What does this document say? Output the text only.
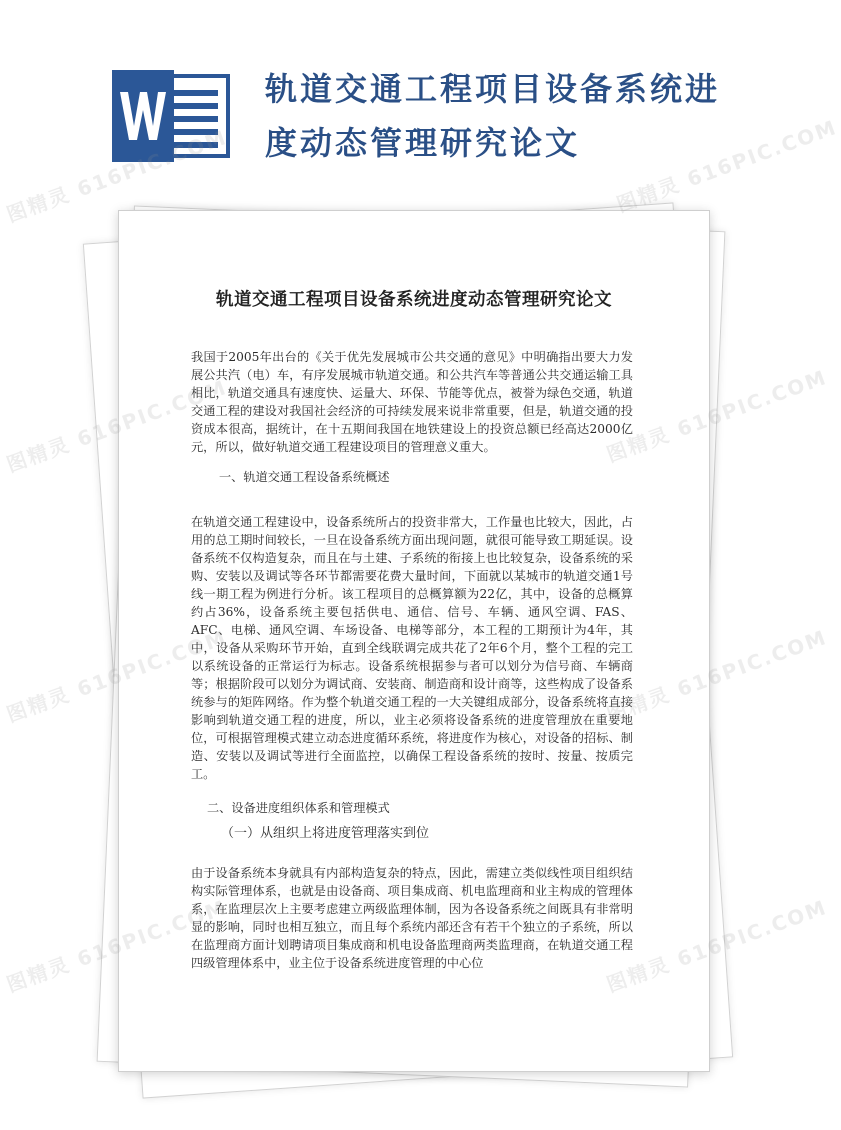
轨道交通工程项目设备系统进度动态管理研究论文
轨道交通工程项目设备系统进度动态管理研究论文

我国于2005年出台的《关于优先发展城市公共交通的意见》中明确指出要大力发展公共汽（电）车，有序发展城市轨道交通。和公共汽车等普通公共交通运输工具相比，轨道交通具有速度快、运量大、环保、节能等优点，被誉为绿色交通，轨道交通工程的建设对我国社会经济的可持续发展来说非常重要，但是，轨道交通的投资成本很高，据统计，在十五期间我国在地铁建设上的投资总额已经高达2000亿元，所以，做好轨道交通工程建设项目的管理意义重大。

一、轨道交通工程设备系统概述

在轨道交通工程建设中，设备系统所占的投资非常大，工作量也比较大，因此，占用的总工期时间较长，一旦在设备系统方面出现问题，就很可能导致工期延误。设备系统不仅构造复杂，而且在与土建、子系统的衔接上也比较复杂，设备系统的采购、安装以及调试等各环节都需要花费大量时间，下面就以某城市的轨道交通1号线一期工程为例进行分析。该工程项目的总概算额为22亿，其中，设备的总概算约占36%，设备系统主要包括供电、通信、信号、车辆、通风空调、FAS、AFC、电梯、通风空调、车场设备、电梯等部分，本工程的工期预计为4年，其中，设备从采购环节开始，直到全线联调完成共花了2年6个月，整个工程的完工以系统设备的正常运行为标志。设备系统根据参与者可以划分为信号商、车辆商等；根据阶段可以划分为调试商、安装商、制造商和设计商等，这些构成了设备系统参与的矩阵网络。作为整个轨道交通工程的一大关键组成部分，设备系统将直接影响到轨道交通工程的进度，所以，业主必须将设备系统的进度管理放在重要地位，可根据管理模式建立动态进度循环系统，将进度作为核心，对设备的招标、制造、安装以及调试等进行全面监控，以确保工程设备系统的按时、按量、按质完工。

二、设备进度组织体系和管理模式

（一）从组织上将进度管理落实到位

由于设备系统本身就具有内部构造复杂的特点，因此，需建立类似线性项目组织结构实际管理体系，也就是由设备商、项目集成商、机电监理商和业主构成的管理体系，在监理层次上主要考虑建立两级监理体制，因为各设备系统之间既具有非常明显的影响，同时也相互独立，而且每个系统内部还含有若干个独立的子系统，所以在监理商方面计划聘请项目集成商和机电设备监理商两类监理商，在轨道交通工程四级管理体系中，业主位于设备系统进度管理的中心位

图精灵 616PIC.COM	图精灵 616PIC.COM
图精灵
616PIC.COM
图精灵	图精灵 616PIC.COM
图精灵
616PIC.COM
